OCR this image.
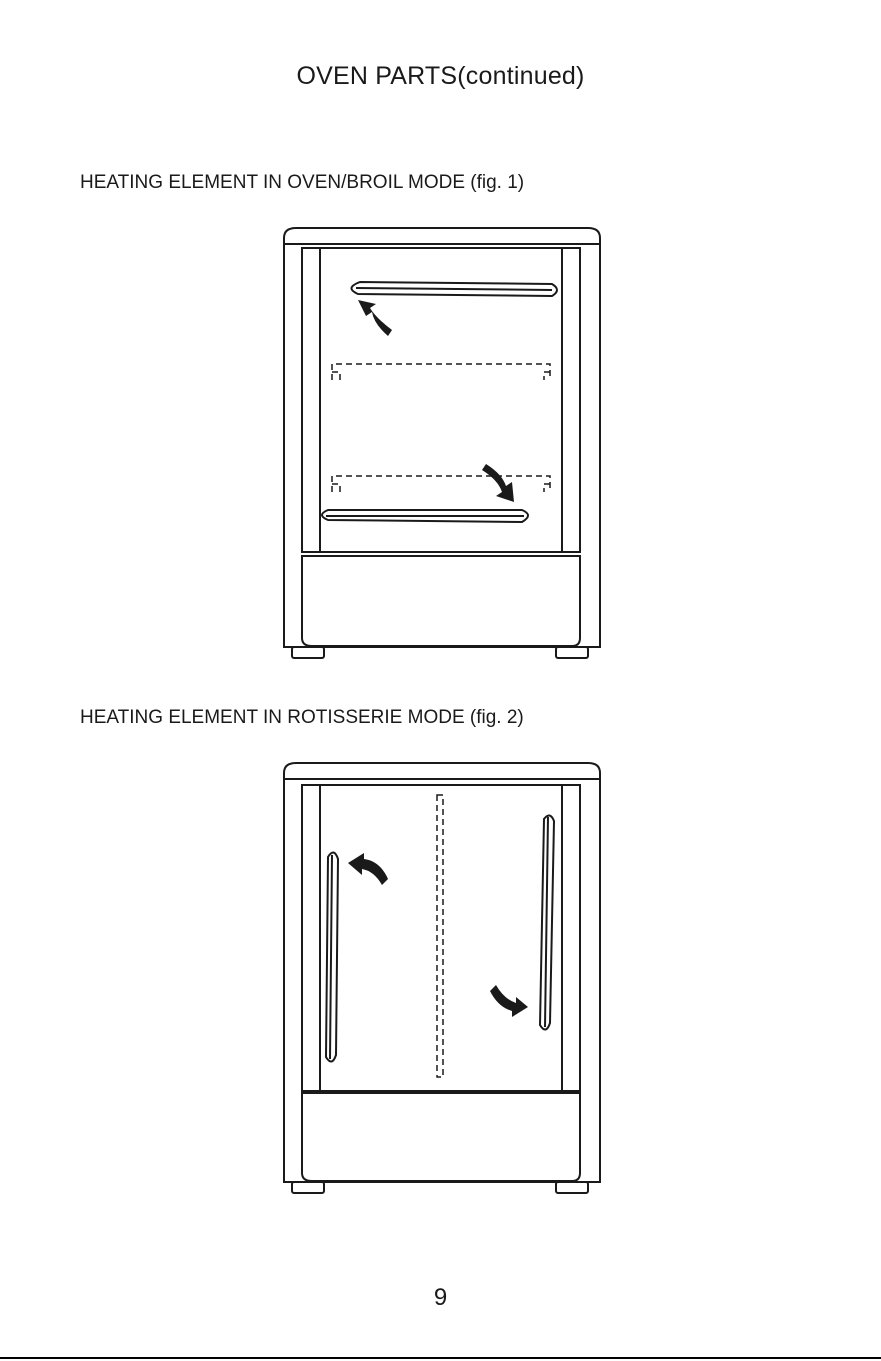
OVEN PARTS(continued)
HEATING ELEMENT IN OVEN/BROIL MODE (fig. 1)
HEATING ELEMENT IN ROTISSERIE MODE (fig. 2)
9
